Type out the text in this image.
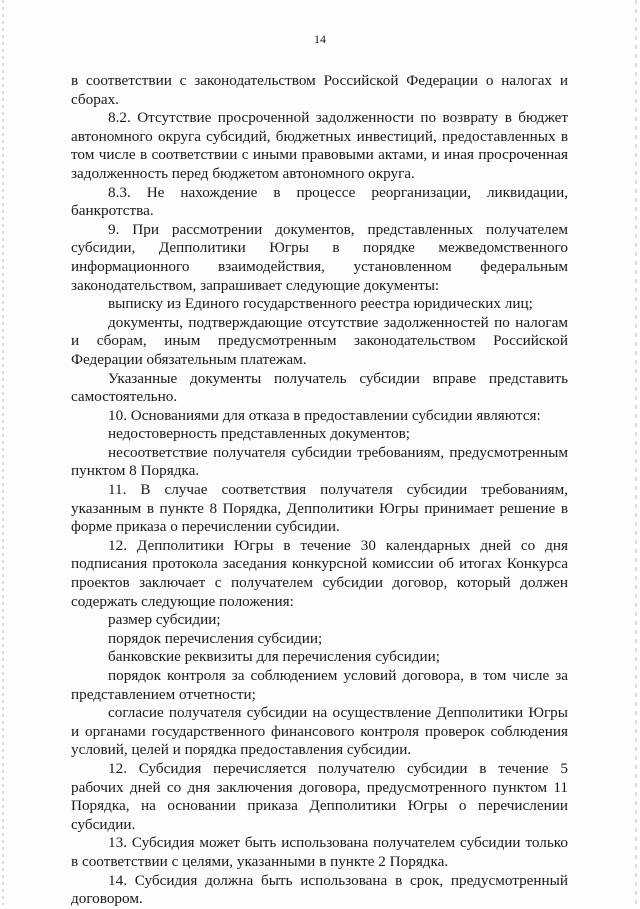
14

в соответствии с законодательством Российской Федерации о налогах и сборах.

8.2. Отсутствие просроченной задолженности по возврату в бюджет автономного округа субсидий, бюджетных инвестиций, предоставленных в том числе в соответствии с иными правовыми актами, и иная просроченная задолженность перед бюджетом автономного округа.

8.3. Не нахождение в процессе реорганизации, ликвидации, банкротства.

9. При рассмотрении документов, представленных получателем субсидии, Депполитики Югры в порядке межведомственного информационного взаимодействия, установленном федеральным законодательством, запрашивает следующие документы:

выписку из Единого государственного реестра юридических лиц;

документы, подтверждающие отсутствие задолженностей по налогам и сборам, иным предусмотренным законодательством Российской Федерации обязательным платежам.

Указанные документы получатель субсидии вправе представить самостоятельно.

10. Основаниями для отказа в предоставлении субсидии являются:

недостоверность представленных документов;

несоответствие получателя субсидии требованиям, предусмотренным пунктом 8 Порядка.

11. В случае соответствия получателя субсидии требованиям, указанным в пункте 8 Порядка, Депполитики Югры принимает решение в форме приказа о перечислении субсидии.

12. Депполитики Югры в течение 30 календарных дней со дня подписания протокола заседания конкурсной комиссии об итогах Конкурса проектов заключает с получателем субсидии договор, который должен содержать следующие положения:

размер субсидии;

порядок перечисления субсидии;

банковские реквизиты для перечисления субсидии;

порядок контроля за соблюдением условий договора, в том числе за представлением отчетности;

согласие получателя субсидии на осуществление Депполитики Югры и органами государственного финансового контроля проверок соблюдения условий, целей и порядка предоставления субсидии.

12. Субсидия перечисляется получателю субсидии в течение 5 рабочих дней со дня заключения договора, предусмотренного пунктом 11 Порядка, на основании приказа Депполитики Югры о перечислении субсидии.

13. Субсидия может быть использована получателем субсидии только в соответствии с целями, указанными в пункте 2 Порядка.

14. Субсидия должна быть использована в срок, предусмотренный договором.
